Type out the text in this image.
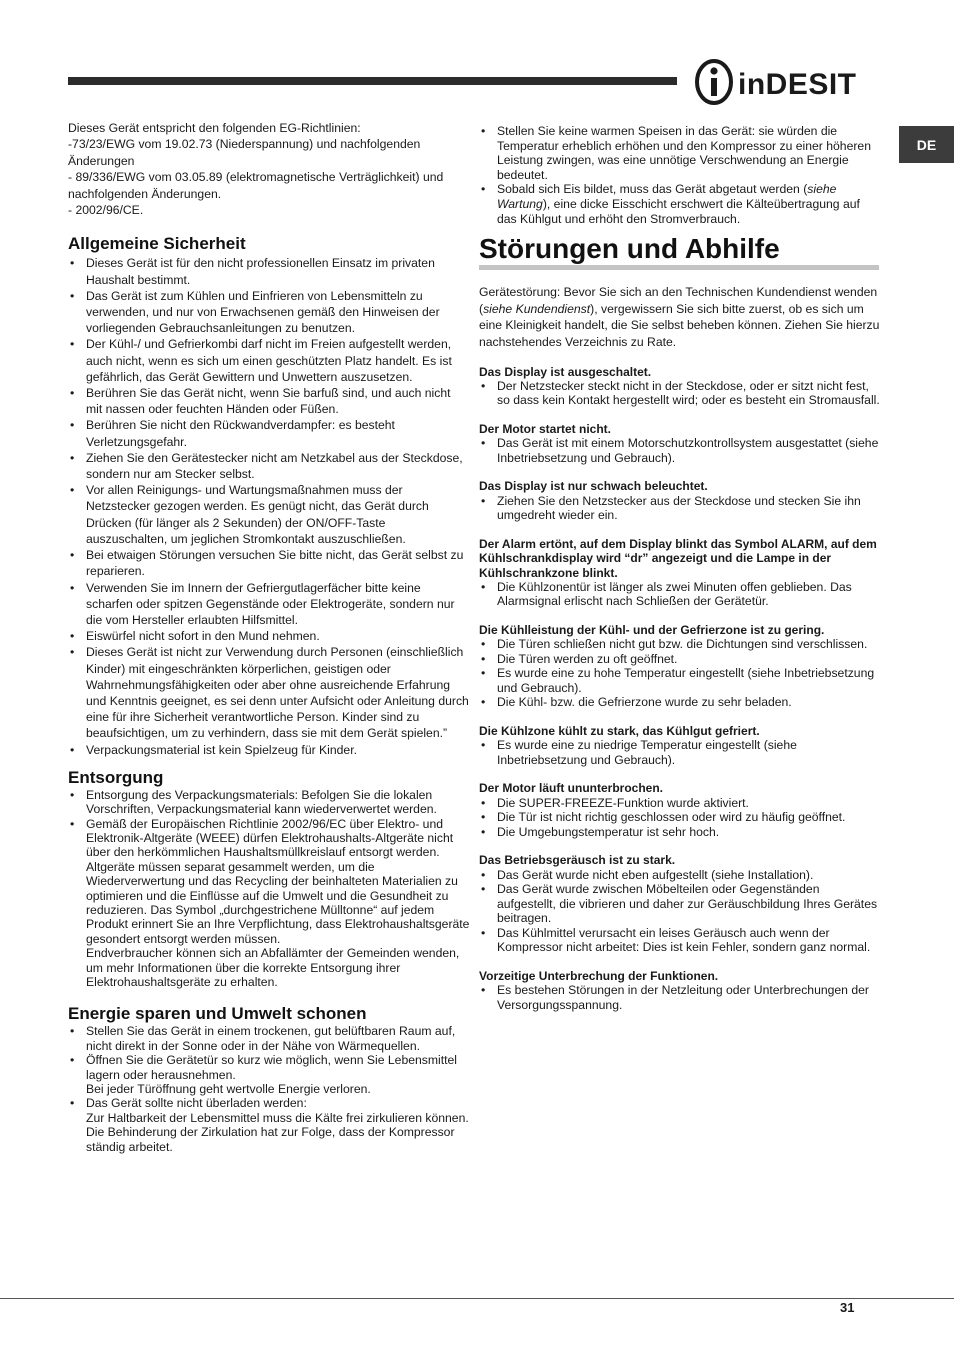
inDESIT
DE

Dieses Gerät entspricht den folgenden EG-Richtlinien:

-73/23/EWG vom 19.02.73 (Niederspannung) und nachfolgenden Änderungen

- 89/336/EWG vom 03.05.89 (elektromagnetische Verträglichkeit) und nachfolgenden Änderungen.

- 2002/96/CE.

Allgemeine Sicherheit
• Dieses Gerät ist für den nicht professionellen Einsatz im privaten Haushalt bestimmt.
• Das Gerät ist zum Kühlen und Einfrieren von Lebensmitteln zu verwenden, und nur von Erwachsenen gemäß den Hinweisen der vorliegenden Gebrauchsanleitungen zu benutzen.
• Der Kühl-/ und Gefrierkombi darf nicht im Freien aufgestellt werden, auch nicht, wenn es sich um einen geschützten Platz handelt. Es ist gefährlich, das Gerät Gewittern und Unwettern auszusetzen.
• Berühren Sie das Gerät nicht, wenn Sie barfuß sind, und auch nicht mit nassen oder feuchten Händen oder Füßen.
• Berühren Sie nicht den Rückwandverdampfer: es besteht Verletzungsgefahr.
• Ziehen Sie den Gerätestecker nicht am Netzkabel aus der Steckdose, sondern nur am Stecker selbst.
• Vor allen Reinigungs- und Wartungsmaßnahmen muss der Netzstecker gezogen werden. Es genügt nicht, das Gerät durch Drücken (für länger als 2 Sekunden) der ON/OFF-Taste auszuschalten, um jeglichen Stromkontakt auszuschließen.
• Bei etwaigen Störungen versuchen Sie bitte nicht, das Gerät selbst zu reparieren.
• Verwenden Sie im Innern der Gefriergutlagerfächer bitte keine scharfen oder spitzen Gegenstände oder Elektrogeräte, sondern nur die vom Hersteller erlaubten Hilfsmittel.
• Eiswürfel nicht sofort in den Mund nehmen.
• Dieses Gerät ist nicht zur Verwendung durch Personen (einschließlich Kinder) mit eingeschränkten körperlichen, geistigen oder Wahrnehmungsfähigkeiten oder aber ohne ausreichende Erfahrung und Kenntnis geeignet, es sei denn unter Aufsicht oder Anleitung durch eine für ihre Sicherheit verantwortliche Person. Kinder sind zu beaufsichtigen, um zu verhindern, dass sie mit dem Gerät spielen.”
• Verpackungsmaterial ist kein Spielzeug für Kinder.
Entsorgung
• Entsorgung des Verpackungsmaterials: Befolgen Sie die lokalen Vorschriften, Verpackungsmaterial kann wiederverwertet werden.
• Gemäß der Europäischen Richtlinie 2002/96/EC über Elektro- und Elektronik-Altgeräte (WEEE) dürfen Elektrohaushalts-Altgeräte nicht über den herkömmlichen Haushaltsmüllkreislauf entsorgt werden. Altgeräte müssen separat gesammelt werden, um die Wiederverwertung und das Recycling der beinhalteten Materialien zu optimieren und die Einflüsse auf die Umwelt und die Gesundheit zu reduzieren. Das Symbol „durchgestrichene Mülltonne“ auf jedem Produkt erinnert Sie an Ihre Verpflichtung, dass Elektrohaushaltsgeräte gesondert entsorgt werden müssen.

Endverbraucher können sich an Abfallämter der Gemeinden wenden, um mehr Informationen über die korrekte Entsorgung ihrer Elektrohaushaltsgeräte zu erhalten.

Energie sparen und Umwelt schonen
• Stellen Sie das Gerät in einem trockenen, gut belüftbaren Raum auf, nicht direkt in der Sonne oder in der Nähe von Wärmequellen.
• Öffnen Sie die Gerätetür so kurz wie möglich, wenn Sie Lebensmittel lagern oder herausnehmen.

Bei jeder Türöffnung geht wertvolle Energie verloren.

• Das Gerät sollte nicht überladen werden:

Zur Haltbarkeit der Lebensmittel muss die Kälte frei zirkulieren können. Die Behinderung der Zirkulation hat zur Folge, dass der Kompressor ständig arbeitet.

• Stellen Sie keine warmen Speisen in das Gerät: sie würden die Temperatur erheblich erhöhen und den Kompressor zu einer höheren Leistung zwingen, was eine unnötige Verschwendung an Energie bedeutet.
• Sobald sich Eis bildet, muss das Gerät abgetaut werden (siehe Wartung), eine dicke Eisschicht erschwert die Kälteübertragung auf das Kühlgut und erhöht den Stromverbrauch.
Störungen und Abhilfe

Gerätestörung: Bevor Sie sich an den Technischen Kundendienst wenden (siehe Kundendienst), vergewissern Sie sich bitte zuerst, ob es sich um eine Kleinigkeit handelt, die Sie selbst beheben können. Ziehen Sie hierzu nachstehendes Verzeichnis zu Rate.

Das Display ist ausgeschaltet.
• Der Netzstecker steckt nicht in der Steckdose, oder er sitzt nicht fest, so dass kein Kontakt hergestellt wird; oder es besteht ein Stromausfall.
Der Motor startet nicht.
• Das Gerät ist mit einem Motorschutzkontrollsystem ausgestattet (siehe Inbetriebsetzung und Gebrauch).
Das Display ist nur schwach beleuchtet.
• Ziehen Sie den Netzstecker aus der Steckdose und stecken Sie ihn umgedreht wieder ein.
Der Alarm ertönt, auf dem Display blinkt das Symbol ALARM, auf dem Kühlschrankdisplay wird “dr” angezeigt und die Lampe in der Kühlschrankzone blinkt.
• Die Kühlzonentür ist länger als zwei Minuten offen geblieben. Das Alarmsignal erlischt nach Schließen der Gerätetür.
Die Kühlleistung der Kühl- und der Gefrierzone ist zu gering.
• Die Türen schließen nicht gut bzw. die Dichtungen sind verschlissen.
• Die Türen werden zu oft geöffnet.
• Es wurde eine zu hohe Temperatur eingestellt (siehe Inbetriebsetzung und Gebrauch).
• Die Kühl- bzw. die Gefrierzone wurde zu sehr beladen.
Die Kühlzone kühlt zu stark, das Kühlgut gefriert.
• Es wurde eine zu niedrige Temperatur eingestellt (siehe Inbetriebsetzung und Gebrauch).
Der Motor läuft ununterbrochen.
• Die SUPER-FREEZE-Funktion wurde aktiviert.
• Die Tür ist nicht richtig geschlossen oder wird zu häufig geöffnet.
• Die Umgebungstemperatur ist sehr hoch.
Das Betriebsgeräusch ist zu stark.
• Das Gerät wurde nicht eben aufgestellt (siehe Installation).
• Das Gerät wurde zwischen Möbelteilen oder Gegenständen aufgestellt, die vibrieren und daher zur Geräuschbildung Ihres Gerätes beitragen.
• Das Kühlmittel verursacht ein leises Geräusch auch wenn der Kompressor nicht arbeitet: Dies ist kein Fehler, sondern ganz normal.
Vorzeitige Unterbrechung der Funktionen.
• Es bestehen Störungen in der Netzleitung oder Unterbrechungen der Versorgungsspannung.
31
